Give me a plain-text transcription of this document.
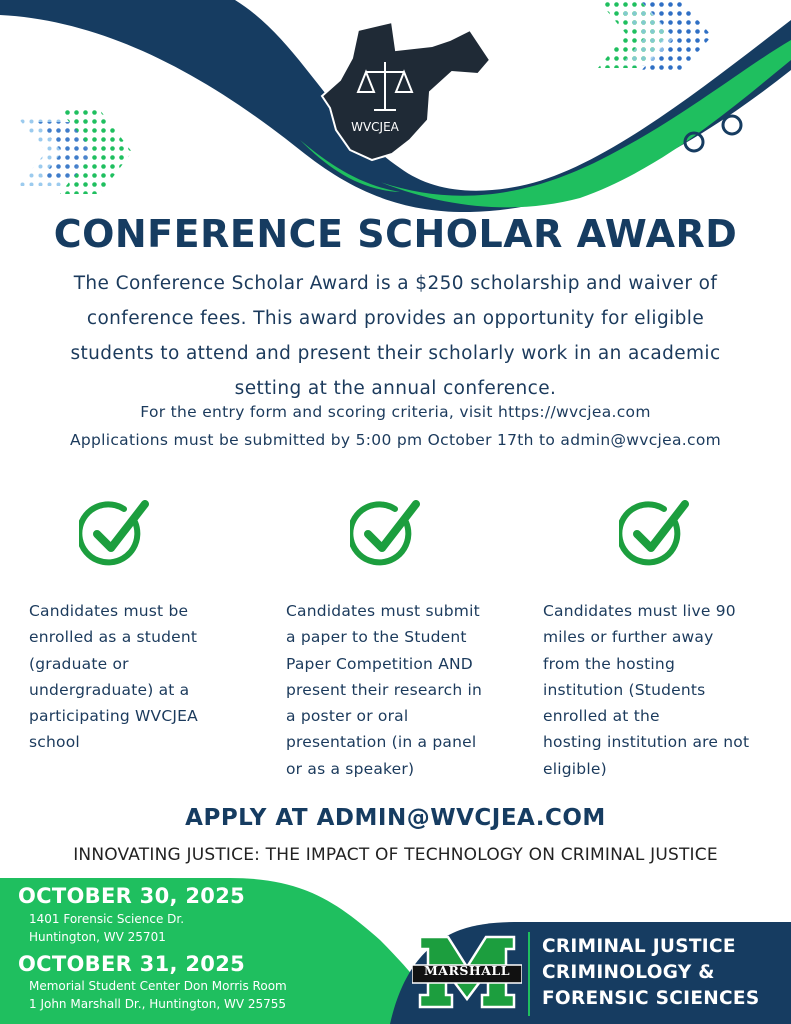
WVCJEA
CONFERENCE SCHOLAR AWARD
The Conference Scholar Award is a $250 scholarship and waiver of
conference fees. This award provides an opportunity for eligible
students to attend and present their scholarly work in an academic
setting at the annual conference.
For the entry form and scoring criteria, visit https://wvcjea.com
Applications must be submitted by 5:00 pm October 17th to admin@wvcjea.com
Candidates must be
enrolled as a student
(graduate or
undergraduate) at a
participating WVCJEA
school
Candidates must submit
a paper to the Student
Paper Competition AND
present their research in
a poster or oral
presentation (in a panel
or as a speaker)
Candidates must live 90
miles or further away
from the hosting
institution (Students
enrolled at the
hosting institution are not
eligible)
APPLY AT ADMIN@WVCJEA.COM
INNOVATING JUSTICE: THE IMPACT OF TECHNOLOGY ON CRIMINAL JUSTICE
OCTOBER 30, 2025
1401 Forensic Science Dr.
Huntington, WV 25701
OCTOBER 31, 2025
Memorial Student Center Don Morris Room
1 John Marshall Dr., Huntington, WV 25755
MARSHALL
CRIMINAL JUSTICE
CRIMINOLOGY &
FORENSIC SCIENCES
